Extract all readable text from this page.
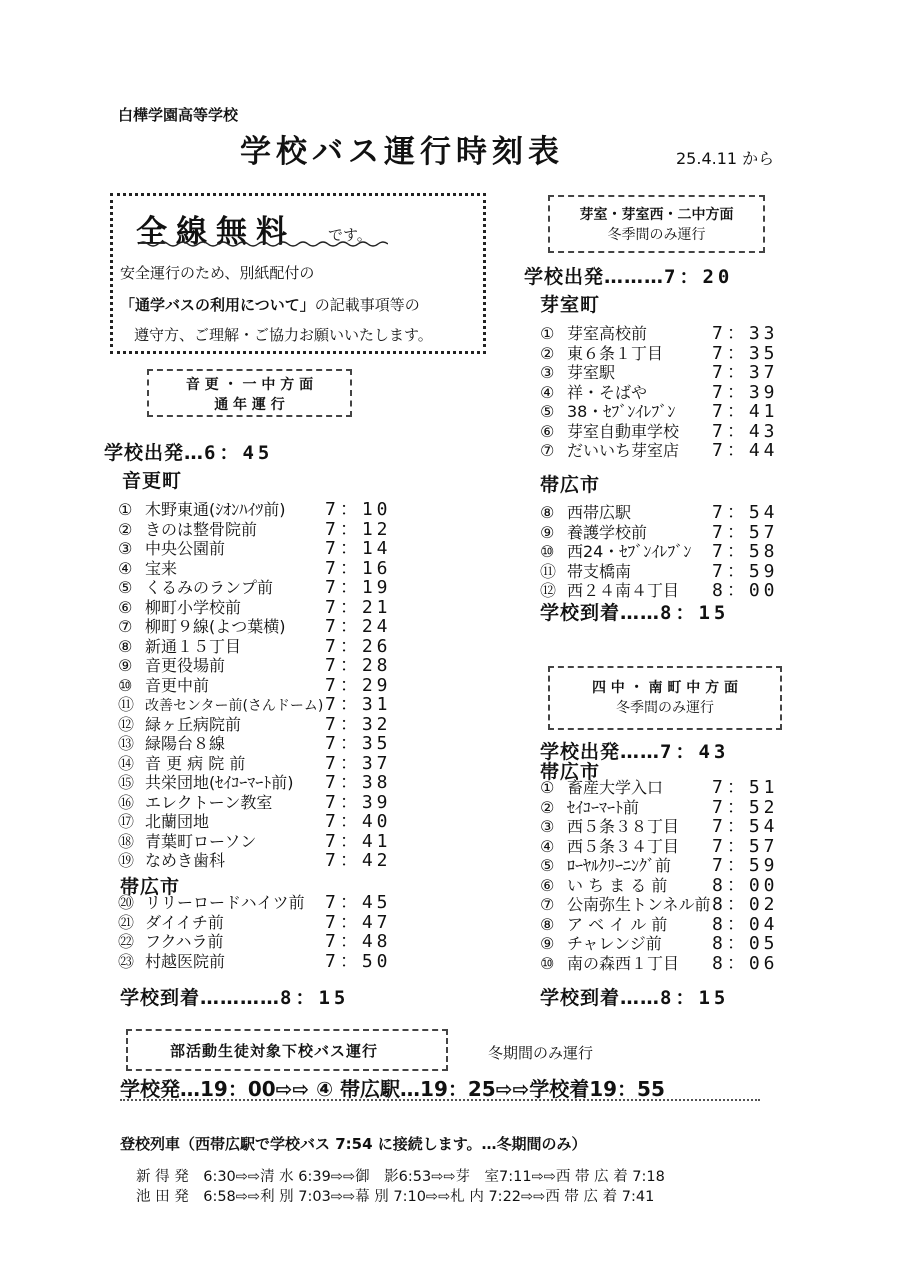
白樺学園高等学校
学校バス運行時刻表	25.4.11 から
全線無料 です。
安全運行のため、別紙配付の
「通学バスの利用について」の記載事項等の
遵守方、ご理解・ご協力お願いいたします。
音 更 ・ 一 中 方 面
通 年 運 行
学校出発…6：45
音更町
① 木野東通(ｼｵﾝﾊｲﾂ前) 7：10
② きのは整骨院前	7：12
③ 中央公園前	7：14
④ 宝来	7：16
⑤ くるみのランプ前	7：19
⑥ 柳町小学校前	7：21
⑦ 柳町９線(よつ葉横) 7：24
⑧ 新通１５丁目	7：26
⑨ 音更役場前	7：28
⑩ 音更中前	7：29
⑪ 改善センター前(さんドーム)7：31
⑫ 緑ヶ丘病院前	7：32
⑬ 緑陽台８線	7：35
⑭ 音 更 病 院 前	7：37
⑮ 共栄団地(ｾｲｺｰﾏｰﾄ前) 7：38
⑯ エレクトーン教室	7：39
⑰ 北蘭団地	7：40
⑱ 青葉町ローソン	7：41
⑲ なめき歯科	7：42
帯広市
⑳ リリーロードハイツ前 7：45
㉑ ダイイチ前	7：47
㉒ フクハラ前	7：48
㉓ 村越医院前	7：50
学校到着…………8：15
芽室・芽室西・二中方面
冬季間のみ運行
学校出発………7：20
芽室町
① 芽室高校前	7：33
② 東６条１丁目	7：35
③ 芽室駅	7：37
④ 祥・そばや	7：39
⑤ 38・ｾﾌﾞﾝｲﾚﾌﾞﾝ 7：41
⑥ 芽室自動車学校 7：43
⑦ だいいち芽室店 7：44
帯広市
⑧ 西帯広駅	7：54
⑨ 養護学校前	7：57
⑩ 西24・ｾﾌﾞﾝｲﾚﾌﾞﾝ 7：58
⑪ 帯支橋南	7：59
⑫ 西２４南４丁目 8：00
学校到着……8：15
四 中 ・ 南 町 中 方 面
冬季間のみ運行
学校出発……7：43
帯広市
① 畜産大学入口	7：51
② ｾｲｺｰﾏｰﾄ前	7：52
③ 西５条３８丁目 7：54
④ 西５条３４丁目 7：57
⑤ ﾛｰﾔﾙｸﾘｰﾆﾝｸﾞ前 7：59
⑥ い ち ま る 前 8：00
⑦ 公南弥生トンネル前8：02
⑧ ア ベ イ ル 前 8：04
⑨ チャレンジ前	8：05
⑩ 南の森西１丁目 8：06
学校到着……8：15
部活動生徒対象下校バス運行	冬期間のみ運行
学校発…19：00⇨⇨ ④ 帯広駅…19：25⇨⇨学校着19：55
登校列車（西帯広駅で学校バス 7:54 に接続します。…冬期間のみ）
新 得 発　6:30⇨⇨清 水 6:39⇨⇨御　影6:53⇨⇨芽　室7:11⇨⇨西 帯 広 着 7:18
池 田 発　6:58⇨⇨利 別 7:03⇨⇨幕 別 7:10⇨⇨札 内 7:22⇨⇨西 帯 広 着 7:41
